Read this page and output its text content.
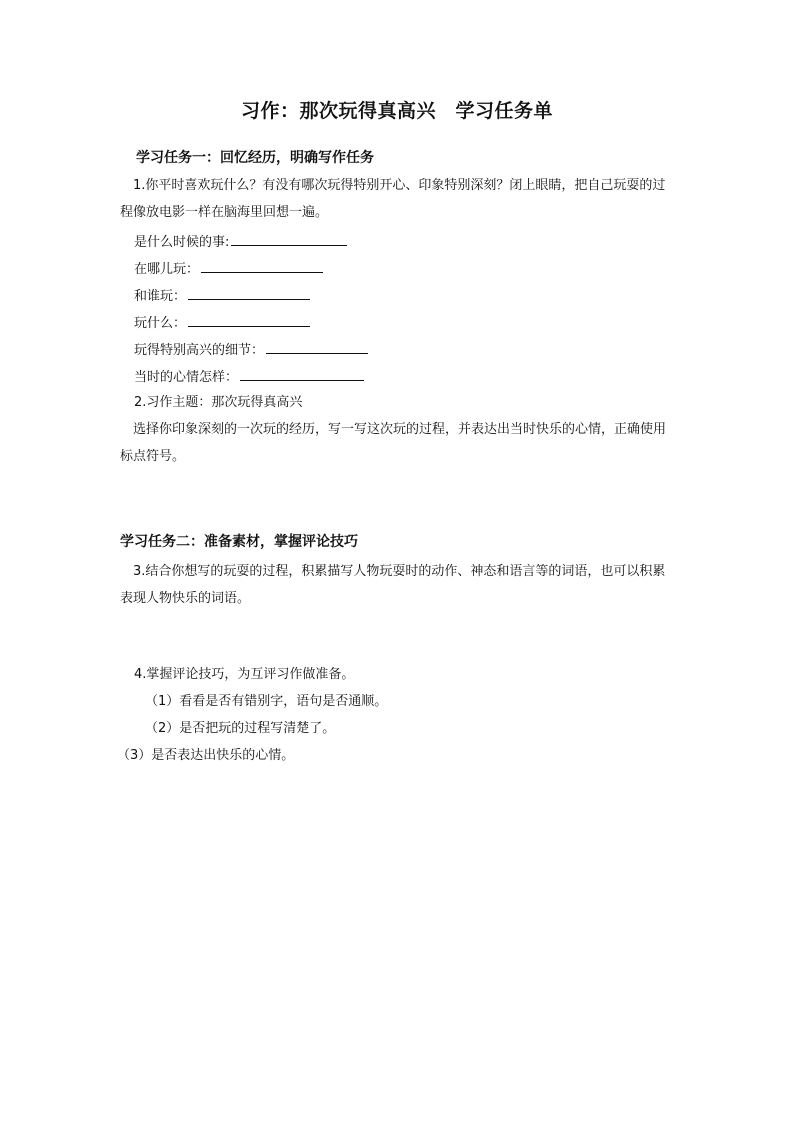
习作：那次玩得真高兴　学习任务单
学习任务一：回忆经历，明确写作任务
1.你平时喜欢玩什么？有没有哪次玩得特别开心、印象特别深刻？闭上眼睛，把自己玩耍的过程像放电影一样在脑海里回想一遍。
是什么时候的事:
在哪儿玩：
和谁玩：
玩什么：
玩得特别高兴的细节：
当时的心情怎样：
2.习作主题：那次玩得真高兴
选择你印象深刻的一次玩的经历，写一写这次玩的过程，并表达出当时快乐的心情，正确使用标点符号。
学习任务二：准备素材，掌握评论技巧
3.结合你想写的玩耍的过程，积累描写人物玩耍时的动作、神态和语言等的词语，也可以积累表现人物快乐的词语。
4.掌握评论技巧，为互评习作做准备。
（1）看看是否有错别字，语句是否通顺。
（2）是否把玩的过程写清楚了。
（3）是否表达出快乐的心情。
